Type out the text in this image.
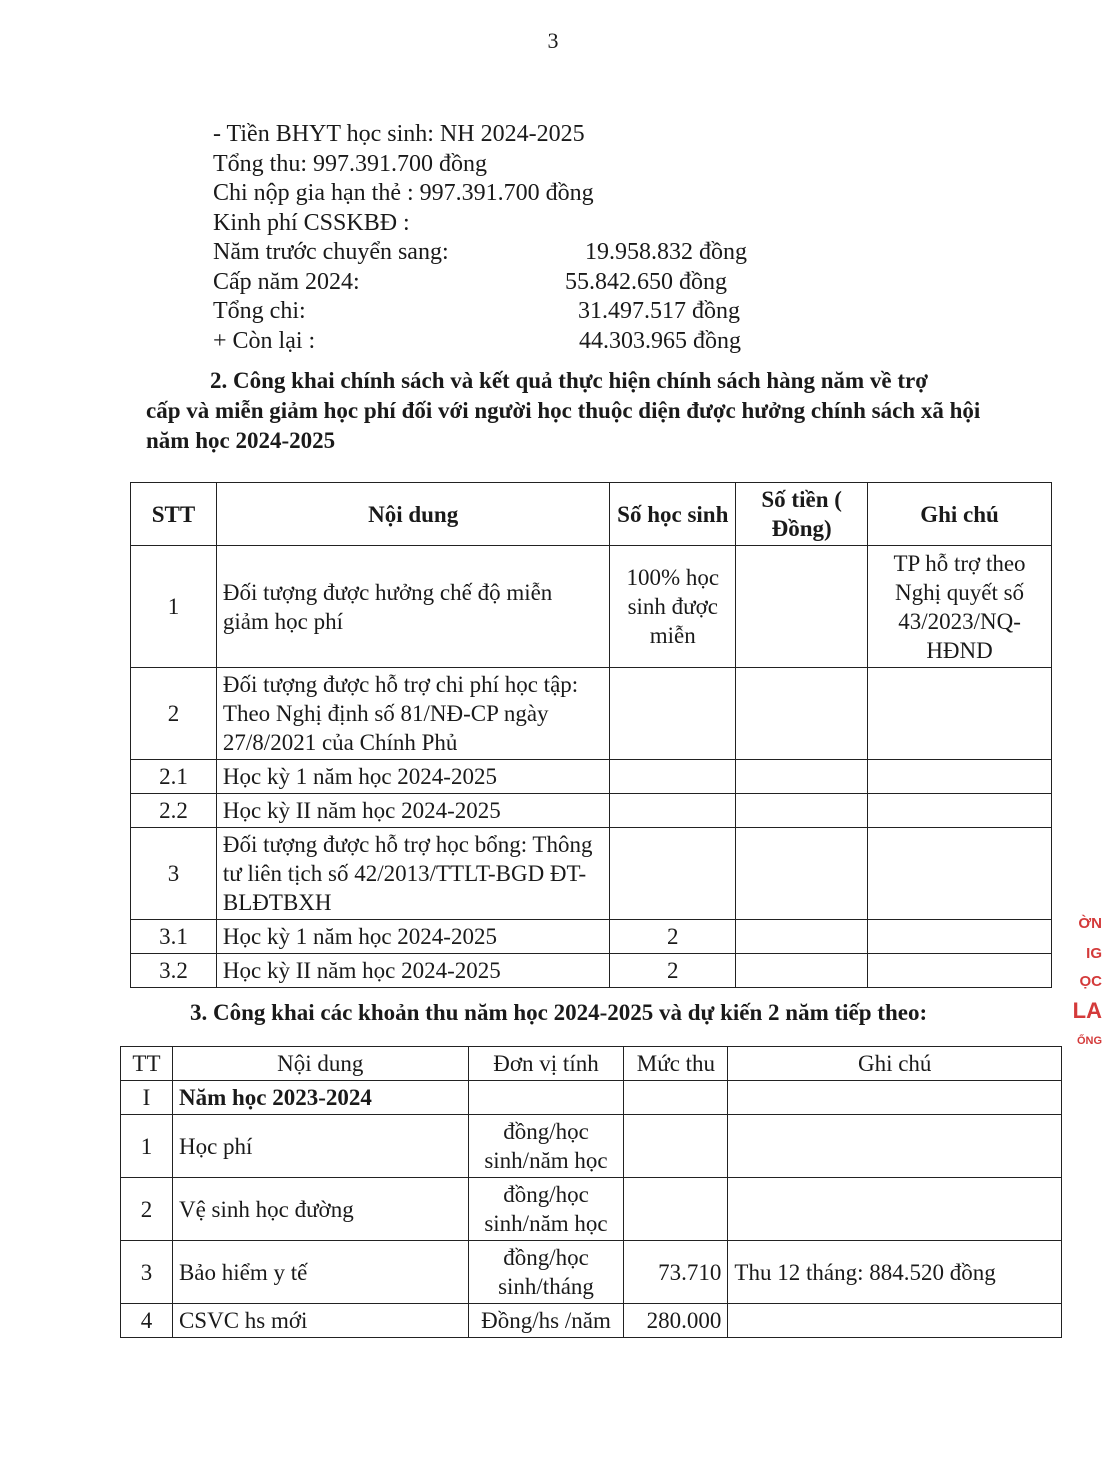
3
- Tiền BHYT học sinh: NH 2024-2025
Tổng thu: 997.391.700 đồng
Chi nộp gia hạn thẻ : 997.391.700 đồng
Kinh phí CSSKBĐ :
Năm trước chuyển sang:	19.958.832 đồng
Cấp năm 2024:	55.842.650 đồng
Tổng chi:	31.497.517 đồng
+ Còn lại :	44.303.965 đồng
2. Công khai chính sách và kết quả thực hiện chính sách hàng năm về trợ
cấp và miễn giảm học phí đối với người học thuộc diện được hưởng chính sách xã hội năm học 2024-2025
STT	Nội dung	Số học sinh	Số tiền ( Đồng)	Ghi chú
1	Đối tượng được hưởng chế độ miễn giảm học phí	100% học sinh được miễn		TP hỗ trợ theo Nghị quyết số 43/2023/NQ-HĐND
2	Đối tượng được hỗ trợ chi phí học tập: Theo Nghị định số 81/NĐ-CP ngày 27/8/2021 của Chính Phủ			
2.1	Học kỳ 1 năm học 2024-2025			
2.2	Học kỳ II năm học 2024-2025			
3	Đối tượng được hỗ trợ học bổng: Thông tư liên tịch số 42/2013/TTLT-BGD ĐT-BLĐTBXH			
3.1	Học kỳ 1 năm học 2024-2025	2		
3.2	Học kỳ II năm học 2024-2025	2		
3. Công khai các khoản thu năm học 2024-2025 và dự kiến 2 năm tiếp theo:
TT	Nội dung	Đơn vị tính	Mức thu	Ghi chú
I	Năm học 2023-2024			
1	Học phí	đồng/học sinh/năm học		
2	Vệ sinh học đường	đồng/học sinh/năm học		
3	Bảo hiểm y tế	đồng/học sinh/tháng	73.710	Thu 12 tháng: 884.520 đồng
4	CSVC hs mới	Đồng/hs /năm	280.000	
ỜN
IG
ỌC
LA
ỐNG
